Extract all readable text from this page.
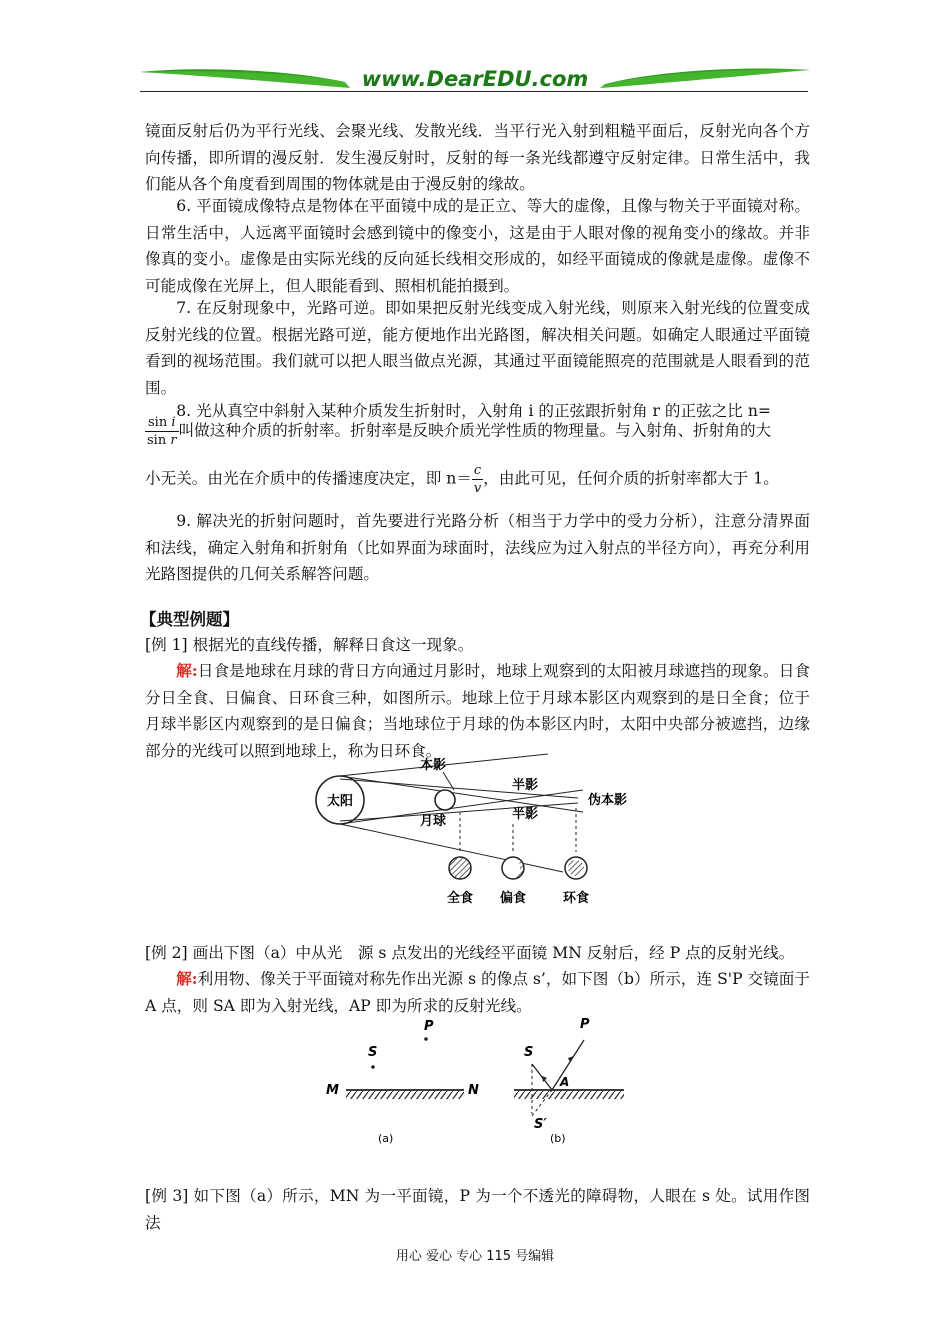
www.DearEDU.com

镜面反射后仍为平行光线、会聚光线、发散光线．当平行光入射到粗糙平面后，反射光向各个方向传播，即所谓的漫反射．发生漫反射时，反射的每一条光线都遵守反射定律。日常生活中，我们能从各个角度看到周围的物体就是由于漫反射的缘故。

6. 平面镜成像特点是物体在平面镜中成的是正立、等大的虚像，且像与物关于平面镜对称。日常生活中，人远离平面镜时会感到镜中的像变小，这是由于人眼对像的视角变小的缘故。并非像真的变小。虚像是由实际光线的反向延长线相交形成的，如经平面镜成的像就是虚像。虚像不可能成像在光屏上，但人眼能看到、照相机能拍摄到。

7. 在反射现象中，光路可逆。即如果把反射光线变成入射光线，则原来入射光线的位置变成反射光线的位置。根据光路可逆，能方便地作出光路图，解决相关问题。如确定人眼通过平面镜看到的视场范围。我们就可以把人眼当做点光源，其通过平面镜能照亮的范围就是人眼看到的范围。

8. 光从真空中斜射入某种介质发生折射时，入射角 i 的正弦跟折射角 r 的正弦之比 n=

$\frac{\text{sin i}}{\text{sin r}}$ 叫做这种介质的折射率。折射率是反映介质光学性质的物理量。与入射角、折射角的大
小无关。由光在介质中的传播速度决定，即 $n= \frac{c}{v}$ ，由此可见，任何介质的折射率都大于 1。

9. 解决光的折射问题时，首先要进行光路分析（相当于力学中的受力分析），注意分清界面和法线，确定入射角和折射角（比如界面为球面时，法线应为过入射点的半径方向），再充分利用光路图提供的几何关系解答问题。

【典型例题】

[例 1] 根据光的直线传播，解释日食这一现象。

解:日食是地球在月球的背日方向通过月影时，地球上观察到的太阳被月球遮挡的现象。日食分日全食、日偏食、日环食三种，如图所示。地球上位于月球本影区内观察到的是日全食；位于月球半影区内观察到的是日偏食；当地球位于月球的伪本影区内时，太阳中央部分被遮挡，边缘部分的光线可以照到地球上，称为日环食。

太阳
本影
半影
半影
月球
伪本影
全食 偏食	环食

[例 2] 画出下图（a）中从光　源 s 点发出的光线经平面镜 MN 反射后，经 P 点的反射光线。

解:利用物、像关于平面镜对称先作出光源 s 的像点 s’，如下图（b）所示，连 S'P 交镜面于 A 点，则 SA 即为入射光线，AP 即为所求的反射光线。

P
S
M	N
(a)
S
P
A
S′
(b)

[例 3] 如下图（a）所示，MN 为一平面镜，P 为一个不透光的障碍物，人眼在 s 处。试用作图法

用心 爱心 专心 115 号编辑
